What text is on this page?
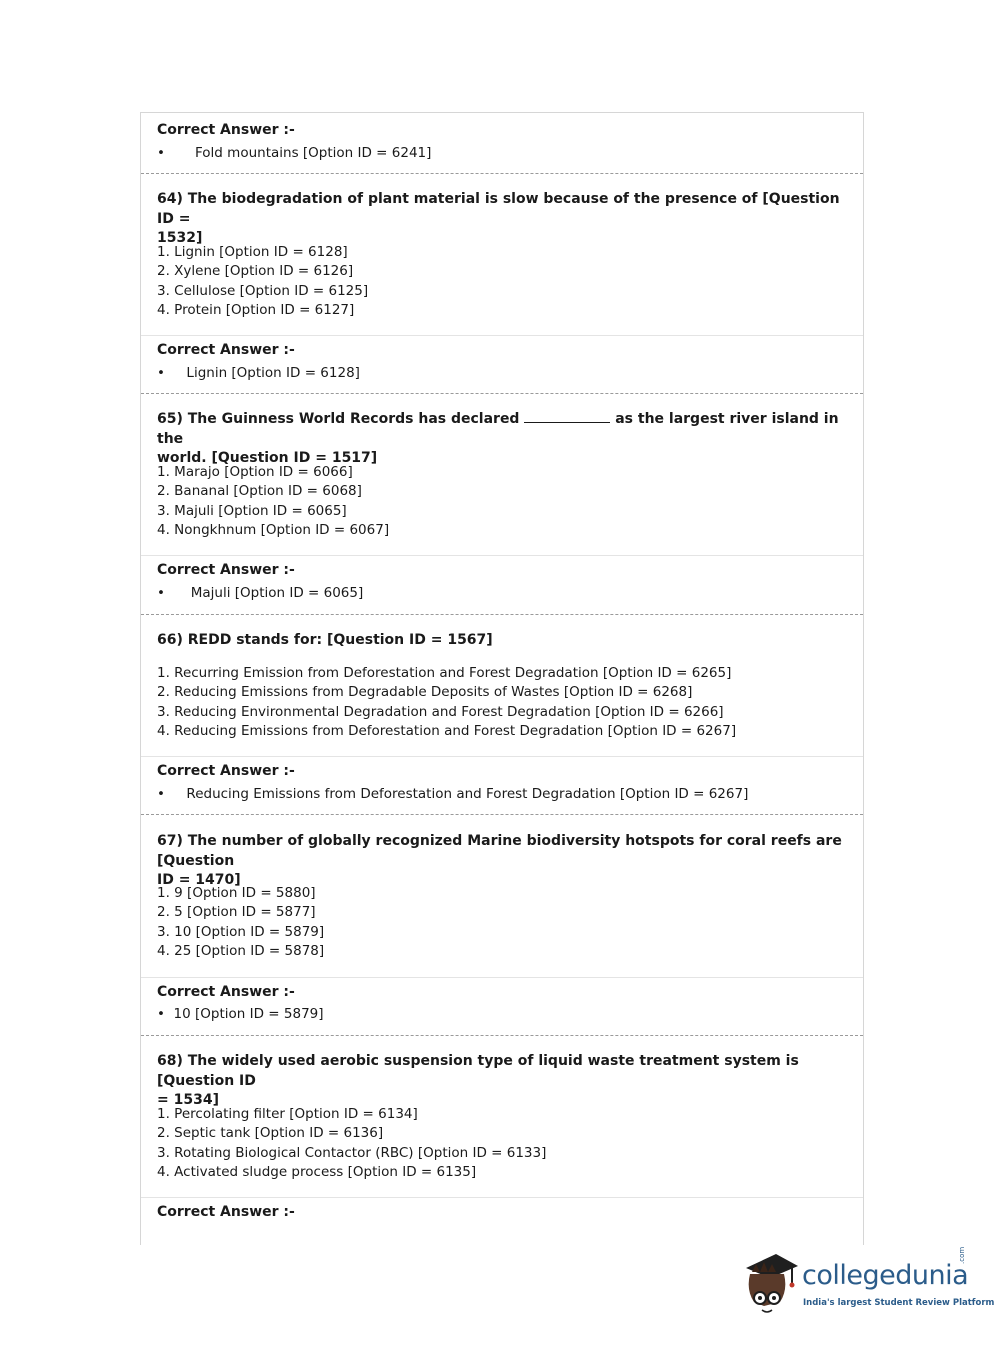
Correct Answer :-
•       Fold mountains [Option ID = 6241]
64) The biodegradation of plant material is slow because of the presence of [Question ID =
1532]
1. Lignin [Option ID = 6128]
2. Xylene [Option ID = 6126]
3. Cellulose [Option ID = 6125]
4. Protein [Option ID = 6127]
Correct Answer :-
•     Lignin [Option ID = 6128]
65) The Guinness World Records has declared	as the largest river island in the
world. [Question ID = 1517]
1. Marajo [Option ID = 6066]
2. Bananal [Option ID = 6068]
3. Majuli [Option ID = 6065]
4. Nongkhnum [Option ID = 6067]
Correct Answer :-
•      Majuli [Option ID = 6065]
66) REDD stands for: [Question ID = 1567]
1. Recurring Emission from Deforestation and Forest Degradation [Option ID = 6265]
2. Reducing Emissions from Degradable Deposits of Wastes [Option ID = 6268]
3. Reducing Environmental Degradation and Forest Degradation [Option ID = 6266]
4. Reducing Emissions from Deforestation and Forest Degradation [Option ID = 6267]
Correct Answer :-
•     Reducing Emissions from Deforestation and Forest Degradation [Option ID = 6267]
67) The number of globally recognized Marine biodiversity hotspots for coral reefs are [Question
ID = 1470]
1. 9 [Option ID = 5880]
2. 5 [Option ID = 5877]
3. 10 [Option ID = 5879]
4. 25 [Option ID = 5878]
Correct Answer :-
•  10 [Option ID = 5879]
68) The widely used aerobic suspension type of liquid waste treatment system is [Question ID
= 1534]
1. Percolating filter [Option ID = 6134]
2. Septic tank [Option ID = 6136]
3. Rotating Biological Contactor (RBC) [Option ID = 6133]
4. Activated sludge process [Option ID = 6135]
Correct Answer :-
collegedunia
.com
India's largest Student Review Platform
